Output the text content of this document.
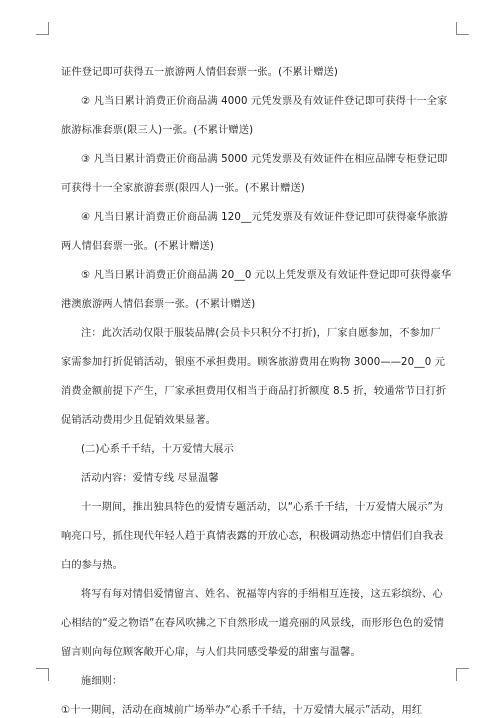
证件登记即可获得五一旅游两人情侣套票一张。(不累计赠送)
② 凡当日累计消费正价商品满 4000 元凭发票及有效证件登记即可获得十一全家
旅游标准套票(限三人)一张。(不累计赠送)
③ 凡当日累计消费正价商品满 5000 元凭发票及有效证件在相应品牌专柜登记即
可获得十一全家旅游套票(限四人)一张。(不累计赠送)
④ 凡当日累计消费正价商品满 120__元凭发票及有效证件登记即可获得豪华旅游
两人情侣套票一张。(不累计赠送)
⑤ 凡当日累计消费正价商品满 20__0 元以上凭发票及有效证件登记即可获得豪华
港澳旅游两人情侣套票一张。(不累计赠送)
注：此次活动仅限于服装品牌(会员卡只积分不打折)，厂家自愿参加，不参加厂
家需参加打折促销活动，银座不承担费用。顾客旅游费用在购物 3000——20__0 元
消费金额前提下产生，厂家承担费用仅相当于商品打折额度 8.5 折，较通常节日打折
促销活动费用少且促销效果显著。
(二)心系千千结，十万爱情大展示
活动内容：爱情专线 尽显温馨
十一期间，推出独具特色的爱情专题活动，以“心系千千结，十万爱情大展示”为
响亮口号，抓住现代年轻人趋于真情表露的开放心态，积极调动热恋中情侣们自我表
白的参与热。
将写有每对情侣爱情留言、姓名、祝福等内容的手绢相互连接，这五彩缤纷、心
心相结的“爱之物语”在春风吹拂之下自然形成一道亮丽的风景线，而形形色色的爱情
留言则向每位顾客敞开心扉，与人们共同感受挚爱的甜蜜与温馨。
施细则：
①十一期间，活动在商城前广场举办“心系千千结，十万爱情大展示”活动，用红
